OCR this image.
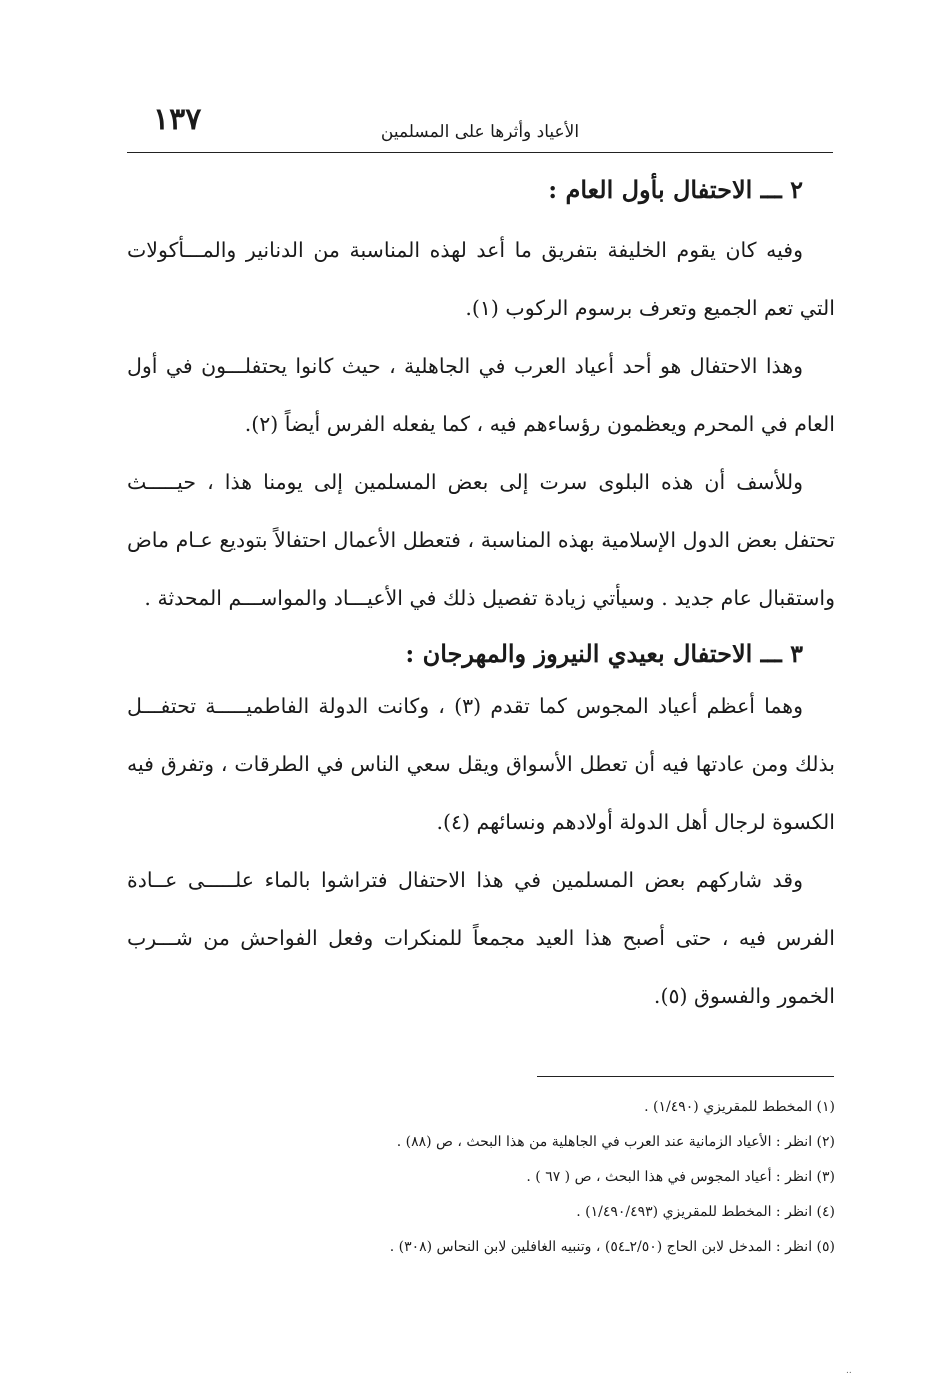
١٣٧	الأعياد وأثرها على المسلمين
٢ ـــ الاحتفال بأول العام :

وفيه كان يقوم الخليفة بتفريق ما أعد لهذه المناسبة من الدنانير والمـــأكولات التي تعم الجميع وتعرف برسوم الركوب (١).

وهذا الاحتفال هو أحد أعياد العرب في الجاهلية ، حيث كانوا يحتفلـــون في أول العام في المحرم ويعظمون رؤساءهم فيه ، كما يفعله الفرس أيضاً (٢).

وللأسف أن هذه البلوى سرت إلى بعض المسلمين إلى يومنا هذا ، حيـــــث تحتفل بعض الدول الإسلامية بهذه المناسبة ، فتعطل الأعمال احتفالاً بتوديع عـام ماض واستقبال عام جديد . وسيأتي زيادة تفصيل ذلك في الأعيـــاد والمواســـم المحدثة .

٣ ـــ الاحتفال بعيدي النيروز والمهرجان :

وهما أعظم أعياد المجوس كما تقدم (٣) ، وكانت الدولة الفاطميـــــة تحتفـــل بذلك ومن عادتها فيه أن تعطل الأسواق ويقل سعي الناس في الطرقات ، وتفرق فيه الكسوة لرجال أهل الدولة أولادهم ونسائهم (٤).

وقد شاركهم بعض المسلمين في هذا الاحتفال فتراشوا بالماء علـــــى عــادة الفرس فيه ، حتى أصبح هذا العيد مجمعاً للمنكرات وفعل الفواحش من شـــرب الخمور والفسوق (٥).

(١) المخطط للمقريزي (١/٤٩٠) .
(٢) انظر : الأعياد الزمانية عند العرب في الجاهلية من هذا البحث ، ص (٨٨) .
(٣) انظر : أعياد المجوس في هذا البحث ، ص ( ٦٧ ) .
(٤) انظر : المخطط للمقريزي (١/٤٩٠/٤٩٣) .
(٥) انظر : المدخل لابن الحاج (٢/٥٠ـ٥٤) ، وتنبيه الغافلين لابن النحاس (٣٠٨) .
..
